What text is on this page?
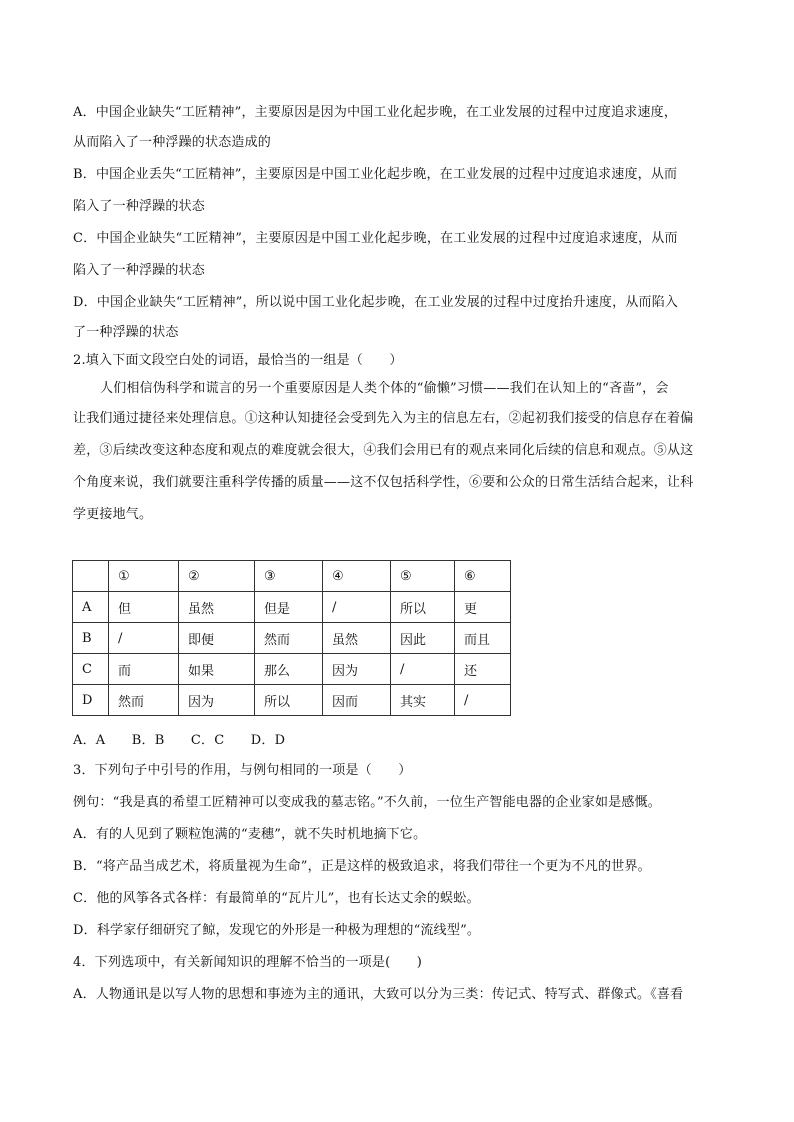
A．中国企业缺失“工匠精神”，主要原因是因为中国工业化起步晚，在工业发展的过程中过度追求速度，
从而陷入了一种浮躁的状态造成的
B．中国企业丢失“工匠精神”，主要原因是中国工业化起步晚，在工业发展的过程中过度追求速度，从而
陷入了一种浮躁的状态
C．中国企业缺失“工匠精神”，主要原因是中国工业化起步晚，在工业发展的过程中过度追求速度，从而
陷入了一种浮躁的状态
D．中国企业缺失“工匠精神”，所以说中国工业化起步晚，在工业发展的过程中过度抬升速度，从而陷入
了一种浮躁的状态
2.填入下面文段空白处的词语，最恰当的一组是（　　）
人们相信伪科学和谎言的另一个重要原因是人类个体的“偷懒”习惯——我们在认知上的“吝啬”，会
让我们通过捷径来处理信息。①这种认知捷径会受到先入为主的信息左右，②起初我们接受的信息存在着偏
差，③后续改变这种态度和观点的难度就会很大，④我们会用已有的观点来同化后续的信息和观点。⑤从这
个角度来说，我们就要注重科学传播的质量——这不仅包括科学性，⑥要和公众的日常生活结合起来，让科
学更接地气。
	①	②	③	④	⑤	⑥
A	但	虽然	但是	/	所以	更
B	/	即便	然而	虽然	因此	而且
C	而	如果	那么	因为	/	还
D	然而	因为	所以	因而	其实	/
A．A　　B．B　　C．C　　D．D
3．下列句子中引号的作用，与例句相同的一项是（　　）
例句：“我是真的希望工匠精神可以变成我的墓志铭。”不久前，一位生产智能电器的企业家如是感慨。
A．有的人见到了颗粒饱满的“麦穗”，就不失时机地摘下它。
B．“将产品当成艺术，将质量视为生命”，正是这样的极致追求，将我们带往一个更为不凡的世界。
C．他的风筝各式各样：有最简单的“瓦片儿”，也有长达丈余的蜈蚣。
D．科学家仔细研究了鲸，发现它的外形是一种极为理想的“流线型”。
4．下列选项中，有关新闻知识的理解不恰当的一项是(　　)
A．人物通讯是以写人物的思想和事迹为主的通讯，大致可以分为三类：传记式、特写式、群像式。《喜看
